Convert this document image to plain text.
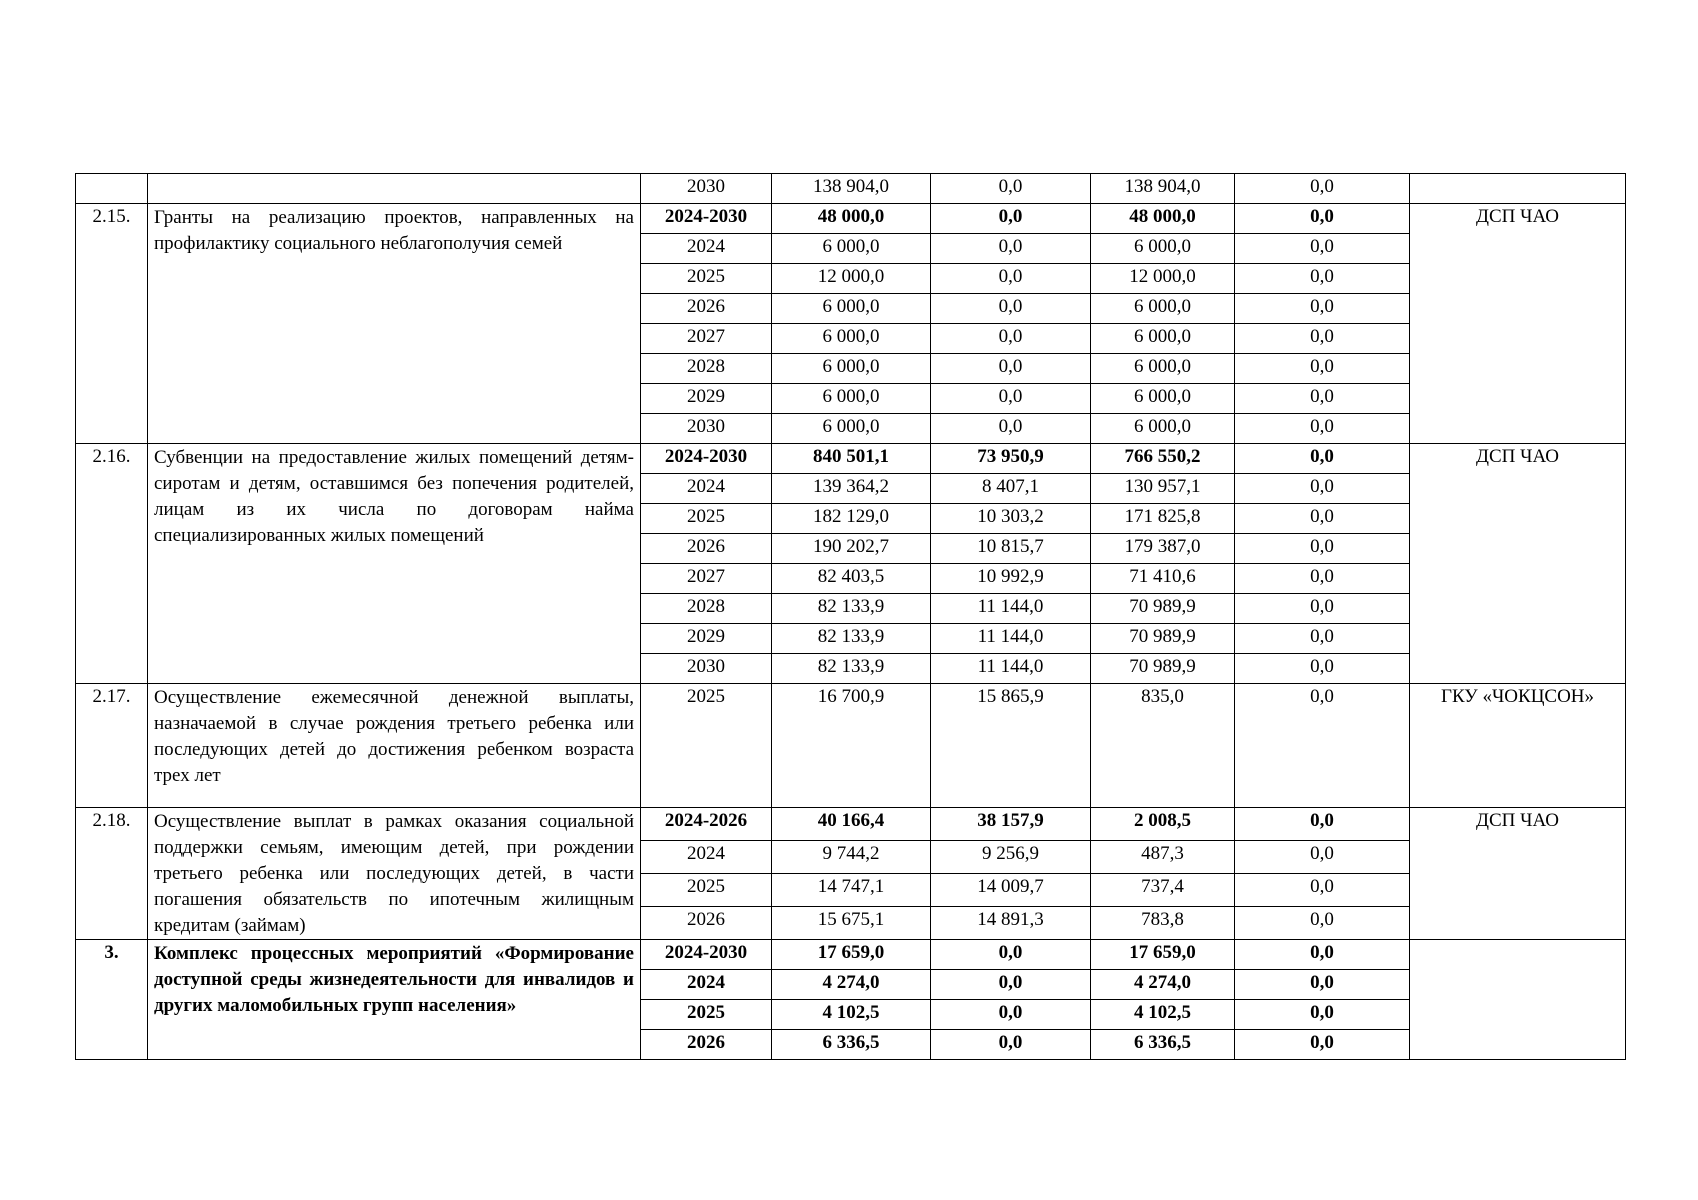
		2030	138 904,0	0,0	138 904,0	0,0	
2.15.	Гранты на реализацию проектов, направленных на профилактику социального неблагополучия семей	2024-2030	48 000,0	0,0	48 000,0	0,0	ДСП ЧАО
		2024	6 000,0	0,0	6 000,0	0,0	
		2025	12 000,0	0,0	12 000,0	0,0	
		2026	6 000,0	0,0	6 000,0	0,0	
		2027	6 000,0	0,0	6 000,0	0,0	
		2028	6 000,0	0,0	6 000,0	0,0	
		2029	6 000,0	0,0	6 000,0	0,0	
		2030	6 000,0	0,0	6 000,0	0,0	
2.16.	Субвенции на предоставление жилых помещений детям-сиротам и детям, оставшимся без попечения родителей, лицам из их числа по договорам найма специализированных жилых помещений	2024-2030	840 501,1	73 950,9	766 550,2	0,0	ДСП ЧАО
		2024	139 364,2	8 407,1	130 957,1	0,0	
		2025	182 129,0	10 303,2	171 825,8	0,0	
		2026	190 202,7	10 815,7	179 387,0	0,0	
		2027	82 403,5	10 992,9	71 410,6	0,0	
		2028	82 133,9	11 144,0	70 989,9	0,0	
		2029	82 133,9	11 144,0	70 989,9	0,0	
		2030	82 133,9	11 144,0	70 989,9	0,0	
2.17.	Осуществление ежемесячной денежной выплаты, назначаемой в случае рождения третьего ребенка или последующих детей до достижения ребенком возраста трех лет	2025	16 700,9	15 865,9	835,0	0,0	ГКУ «ЧОКЦСОН»
2.18.	Осуществление выплат в рамках оказания социальной поддержки семьям, имеющим детей, при рождении третьего ребенка или последующих детей, в части погашения обязательств по ипотечным жилищным кредитам (займам)	2024-2026	40 166,4	38 157,9	2 008,5	0,0	ДСП ЧАО
		2024	9 744,2	9 256,9	487,3	0,0	
		2025	14 747,1	14 009,7	737,4	0,0	
		2026	15 675,1	14 891,3	783,8	0,0	
3.	Комплекс процессных мероприятий «Формирование доступной среды жизнедеятельности для инвалидов и других маломобильных групп населения»	2024-2030	17 659,0	0,0	17 659,0	0,0	
		2024	4 274,0	0,0	4 274,0	0,0	
		2025	4 102,5	0,0	4 102,5	0,0	
		2026	6 336,5	0,0	6 336,5	0,0	
